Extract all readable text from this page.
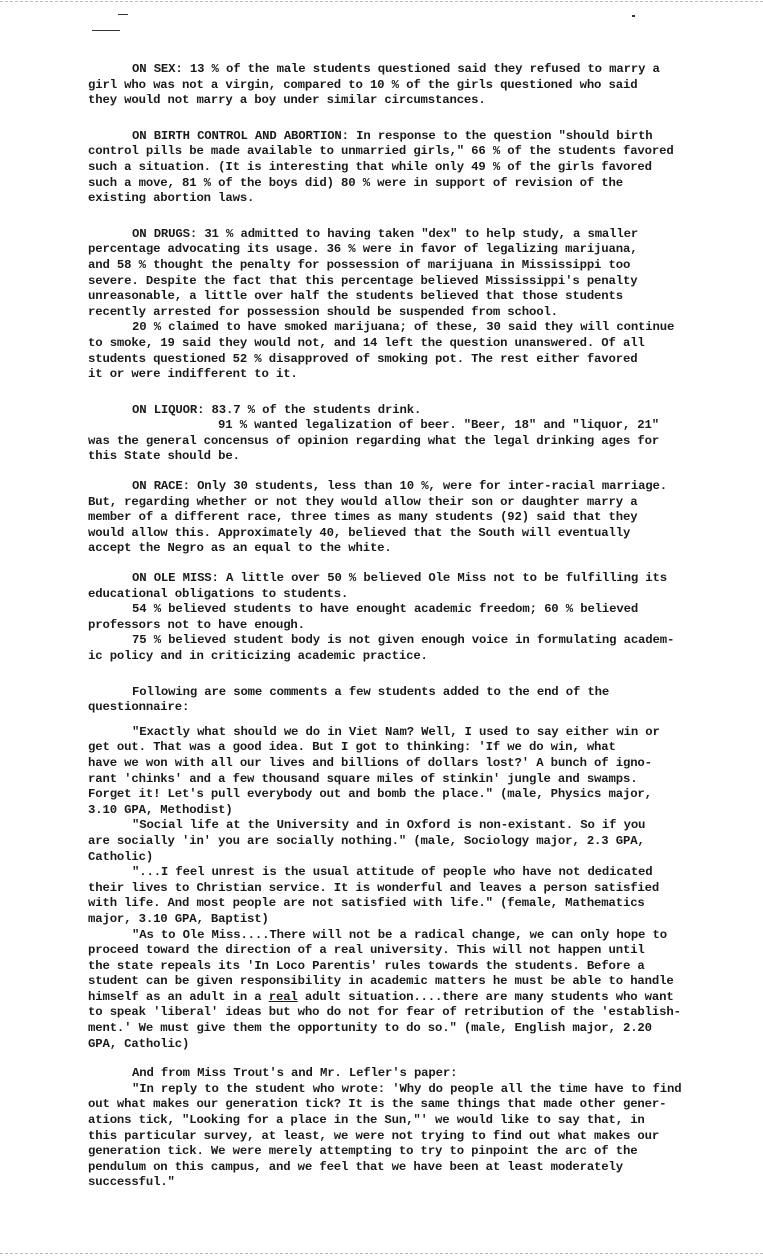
ON SEX: 13 % of the male students questioned said they refused to marry a
girl who was not a virgin, compared to 10 % of the girls questioned who said
they would not marry a boy under similar circumstances.
ON BIRTH CONTROL AND ABORTION: In response to the question "should birth
control pills be made available to unmarried girls," 66 % of the students favored
such a situation. (It is interesting that while only 49 % of the girls favored
such a move, 81 % of the boys did) 80 % were in support of revision of the
existing abortion laws.
ON DRUGS: 31 % admitted to having taken "dex" to help study, a smaller
percentage advocating its usage. 36 % were in favor of legalizing marijuana,
and 58 % thought the penalty for possession of marijuana in Mississippi too
severe. Despite the fact that this percentage believed Mississippi's penalty
unreasonable, a little over half the students believed that those students
recently arrested for possession should be suspended from school.
20 % claimed to have smoked marijuana; of these, 30 said they will continue
to smoke, 19 said they would not, and 14 left the question unanswered. Of all
students questioned 52 % disapproved of smoking pot. The rest either favored
it or were indifferent to it.
ON LIQUOR: 83.7 % of the students drink.
91 % wanted legalization of beer. "Beer, 18" and "liquor, 21"
was the general concensus of opinion regarding what the legal drinking ages for
this State should be.
ON RACE: Only 30 students, less than 10 %, were for inter-racial marriage.
But, regarding whether or not they would allow their son or daughter marry a
member of a different race, three times as many students (92) said that they
would allow this. Approximately 40, believed that the South will eventually
accept the Negro as an equal to the white.
ON OLE MISS: A little over 50 % believed Ole Miss not to be fulfilling its
educational obligations to students.
54 % believed students to have enought academic freedom; 60 % believed
professors not to have enough.
75 % believed student body is not given enough voice in formulating academ-
ic policy and in criticizing academic practice.
Following are some comments a few students added to the end of the
questionnaire:
"Exactly what should we do in Viet Nam? Well, I used to say either win or
get out. That was a good idea. But I got to thinking: 'If we do win, what
have we won with all our lives and billions of dollars lost?' A bunch of igno-
rant 'chinks' and a few thousand square miles of stinkin' jungle and swamps.
Forget it! Let's pull everybody out and bomb the place." (male, Physics major,
3.10 GPA, Methodist)
"Social life at the University and in Oxford is non-existant. So if you
are socially 'in' you are socially nothing." (male, Sociology major, 2.3 GPA,
Catholic)
"...I feel unrest is the usual attitude of people who have not dedicated
their lives to Christian service. It is wonderful and leaves a person satisfied
with life. And most people are not satisfied with life." (female, Mathematics
major, 3.10 GPA, Baptist)
"As to Ole Miss....There will not be a radical change, we can only hope to
proceed toward the direction of a real university. This will not happen until
the state repeals its 'In Loco Parentis' rules towards the students. Before a
student can be given responsibility in academic matters he must be able to handle
himself as an adult in a real adult situation....there are many students who want
to speak 'liberal' ideas but who do not for fear of retribution of the 'establish-
ment.' We must give them the opportunity to do so." (male, English major, 2.20
GPA, Catholic)
And from Miss Trout's and Mr. Lefler's paper:
"In reply to the student who wrote: 'Why do people all the time have to find
out what makes our generation tick? It is the same things that made other gener-
ations tick, "Looking for a place in the Sun,"' we would like to say that, in
this particular survey, at least, we were not trying to find out what makes our
generation tick. We were merely attempting to try to pinpoint the arc of the
pendulum on this campus, and we feel that we have been at least moderately
successful."
